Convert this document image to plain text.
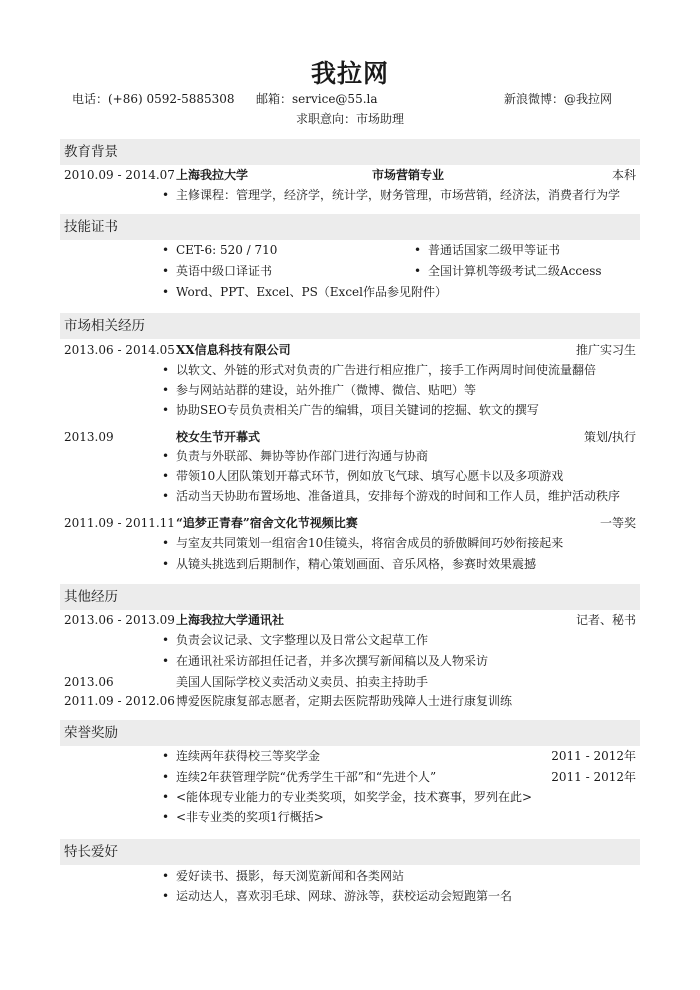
我拉网
电话：(+86) 0592-5885308 邮箱：service@55.la	新浪微博：@我拉网
求职意向：市场助理
教育背景
2010.09 - 2014.07 上海我拉大学	市场营销专业	本科
• 主修课程：管理学，经济学，统计学，财务管理，市场营销，经济法，消费者行为学
技能证书
• CET-6: 520 / 710	• 普通话国家二级甲等证书
• 英语中级口译证书	• 全国计算机等级考试二级Access
• Word、PPT、Excel、PS（Excel作品参见附件）
市场相关经历
2013.06 - 2014.05 XX信息科技有限公司	推广实习生
• 以软文、外链的形式对负责的广告进行相应推广，接手工作两周时间使流量翻倍
• 参与网站站群的建设，站外推广（微博、微信、贴吧）等
• 协助SEO专员负责相关广告的编辑，项目关键词的挖掘、软文的撰写
2013.09	校女生节开幕式	策划/执行
• 负责与外联部、舞协等协作部门进行沟通与协商
• 带领10人团队策划开幕式环节，例如放飞气球、填写心愿卡以及多项游戏
• 活动当天协助布置场地、准备道具，安排每个游戏的时间和工作人员，维护活动秩序
2011.09 - 2011.11 “追梦正青春”宿舍文化节视频比赛	一等奖
• 与室友共同策划一组宿舍10佳镜头，将宿舍成员的骄傲瞬间巧妙衔接起来
• 从镜头挑选到后期制作，精心策划画面、音乐风格，参赛时效果震撼
其他经历
2013.06 - 2013.09 上海我拉大学通讯社	记者、秘书
• 负责会议记录、文字整理以及日常公文起草工作
• 在通讯社采访部担任记者，并多次撰写新闻稿以及人物采访
2013.06	美国人国际学校义卖活动义卖员、拍卖主持助手
2011.09 - 2012.06 博爱医院康复部志愿者，定期去医院帮助残障人士进行康复训练
荣誉奖励
• 连续两年获得校三等奖学金	2011 - 2012年
• 连续2年获管理学院“优秀学生干部”和“先进个人”	2011 - 2012年
• <能体现专业能力的专业类奖项，如奖学金，技术赛事，罗列在此>
• <非专业类的奖项1行概括>
特长爱好
• 爱好读书、摄影，每天浏览新闻和各类网站
• 运动达人，喜欢羽毛球、网球、游泳等，获校运动会短跑第一名
